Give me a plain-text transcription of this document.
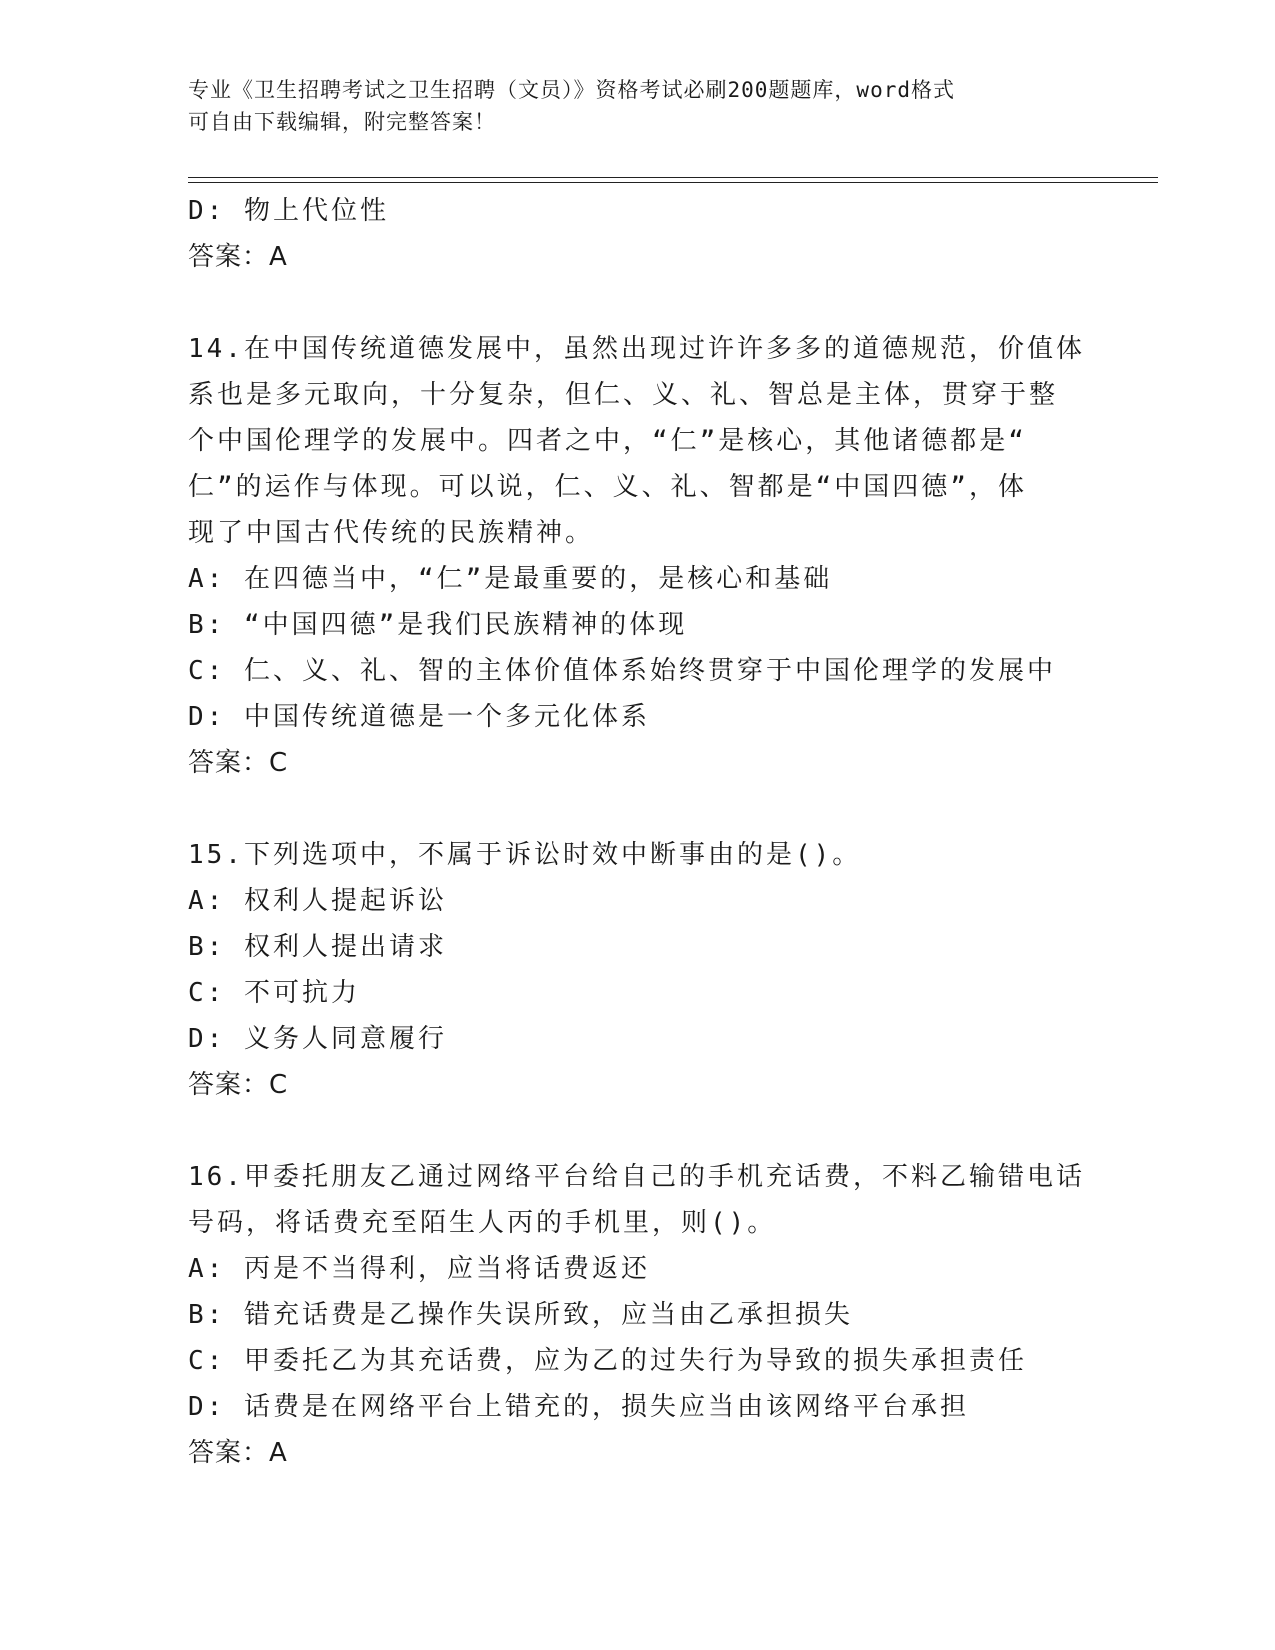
专业《卫生招聘考试之卫生招聘（文员）》资格考试必刷200题题库，word格式
可自由下载编辑，附完整答案！
D: 物上代位性
答案：A
14.在中国传统道德发展中，虽然出现过许许多多的道德规范，价值体
系也是多元取向，十分复杂，但仁、义、礼、智总是主体，贯穿于整
个中国伦理学的发展中。四者之中，“仁”是核心，其他诸德都是“
仁”的运作与体现。可以说，仁、义、礼、智都是“中国四德”，体
现了中国古代传统的民族精神。
A: 在四德当中，“仁”是最重要的，是核心和基础
B: “中国四德”是我们民族精神的体现
C: 仁、义、礼、智的主体价值体系始终贯穿于中国伦理学的发展中
D: 中国传统道德是一个多元化体系
答案：C
15.下列选项中，不属于诉讼时效中断事由的是()。
A: 权利人提起诉讼
B: 权利人提出请求
C: 不可抗力
D: 义务人同意履行
答案：C
16.甲委托朋友乙通过网络平台给自己的手机充话费，不料乙输错电话
号码，将话费充至陌生人丙的手机里，则()。
A: 丙是不当得利，应当将话费返还
B: 错充话费是乙操作失误所致，应当由乙承担损失
C: 甲委托乙为其充话费，应为乙的过失行为导致的损失承担责任
D: 话费是在网络平台上错充的，损失应当由该网络平台承担
答案：A
